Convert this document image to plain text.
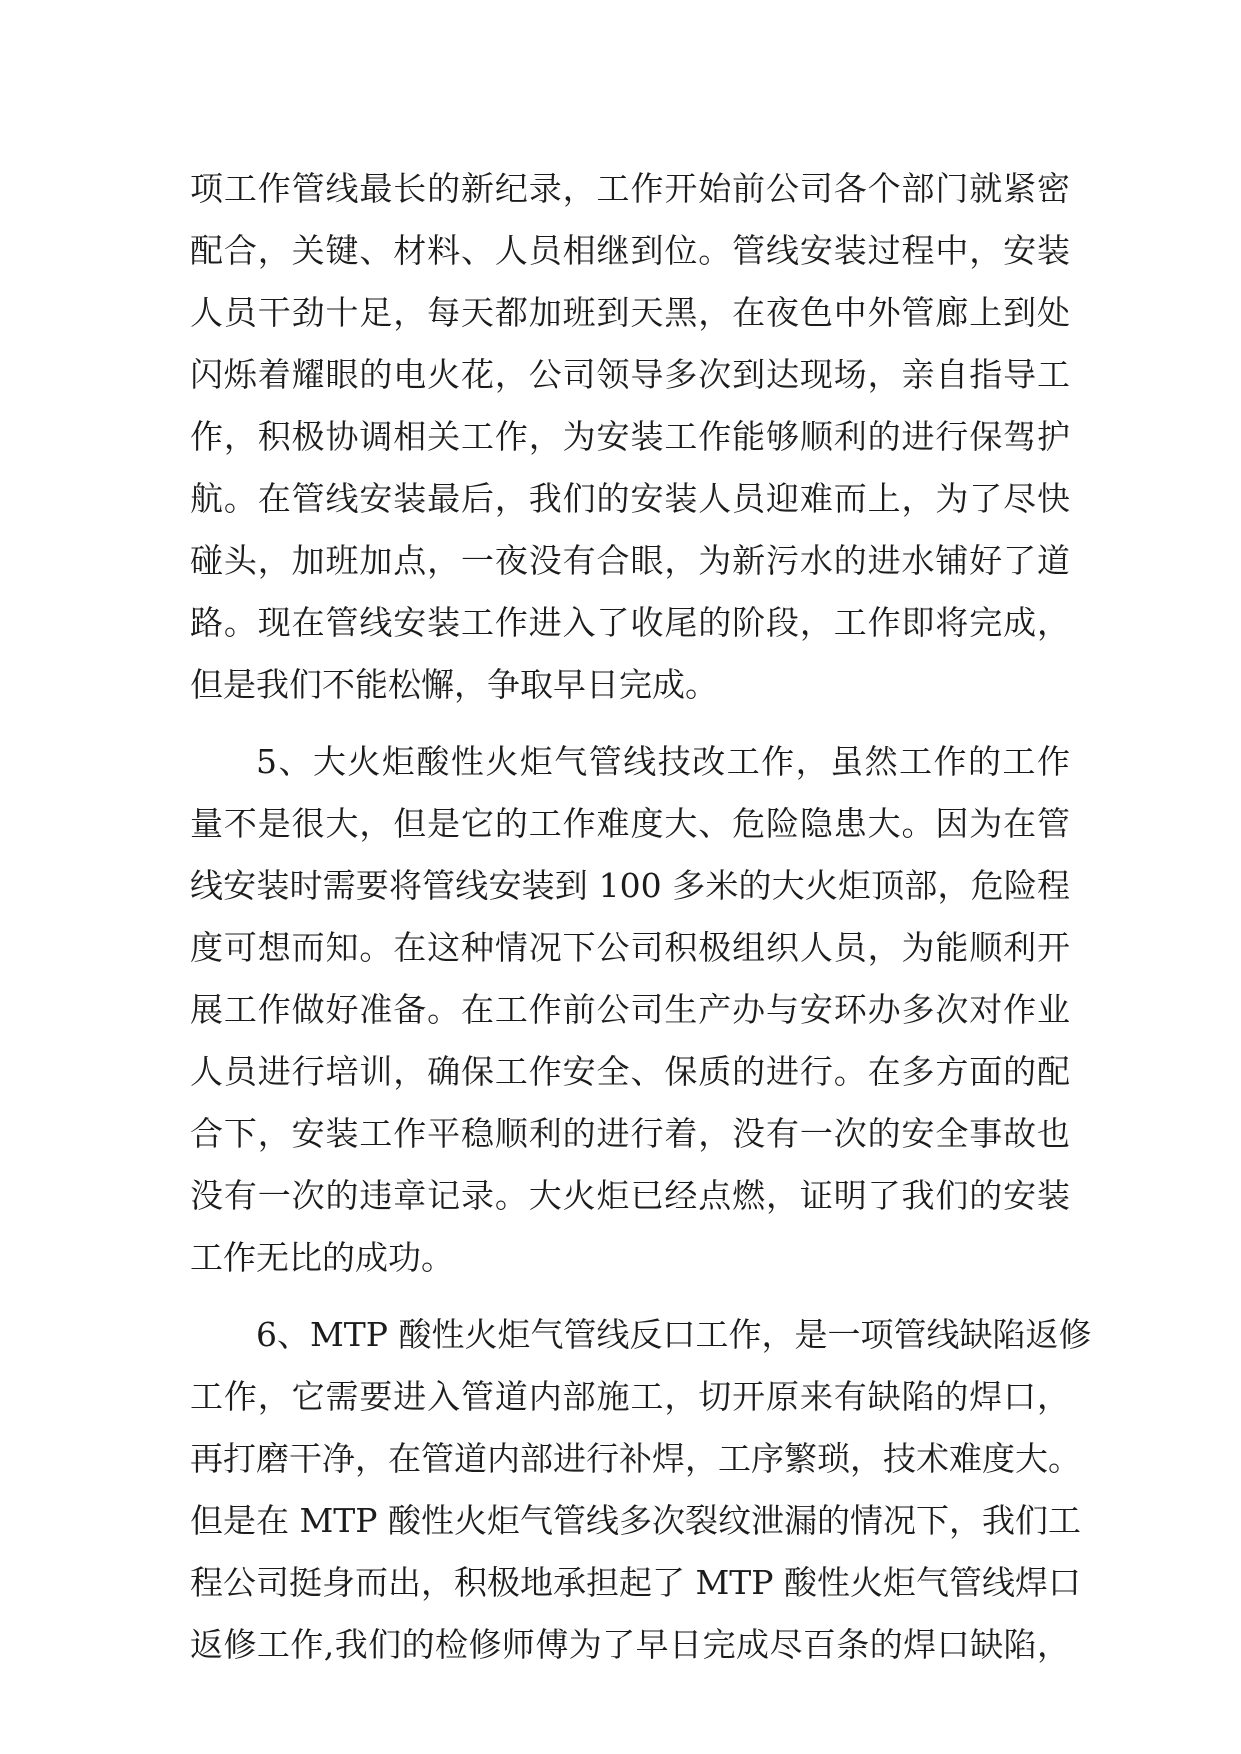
项工作管线最长的新纪录，工作开始前公司各个部门就紧密
配合，关键、材料、人员相继到位。管线安装过程中，安装
人员干劲十足，每天都加班到天黑，在夜色中外管廊上到处
闪烁着耀眼的电火花，公司领导多次到达现场，亲自指导工
作，积极协调相关工作，为安装工作能够顺利的进行保驾护
航。在管线安装最后，我们的安装人员迎难而上，为了尽快
碰头，加班加点，一夜没有合眼，为新污水的进水铺好了道
路。现在管线安装工作进入了收尾的阶段，工作即将完成，
但是我们不能松懈，争取早日完成。
5、大火炬酸性火炬气管线技改工作，虽然工作的工作
量不是很大，但是它的工作难度大、危险隐患大。因为在管
线安装时需要将管线安装到 100 多米的大火炬顶部，危险程
度可想而知。在这种情况下公司积极组织人员，为能顺利开
展工作做好准备。在工作前公司生产办与安环办多次对作业
人员进行培训，确保工作安全、保质的进行。在多方面的配
合下，安装工作平稳顺利的进行着，没有一次的安全事故也
没有一次的违章记录。大火炬已经点燃，证明了我们的安装
工作无比的成功。
6、MTP 酸性火炬气管线反口工作，是一项管线缺陷返修
工作，它需要进入管道内部施工，切开原来有缺陷的焊口，
再打磨干净，在管道内部进行补焊，工序繁琐，技术难度大。
但是在 MTP 酸性火炬气管线多次裂纹泄漏的情况下，我们工
程公司挺身而出，积极地承担起了 MTP 酸性火炬气管线焊口
返修工作,我们的检修师傅为了早日完成尽百条的焊口缺陷，
